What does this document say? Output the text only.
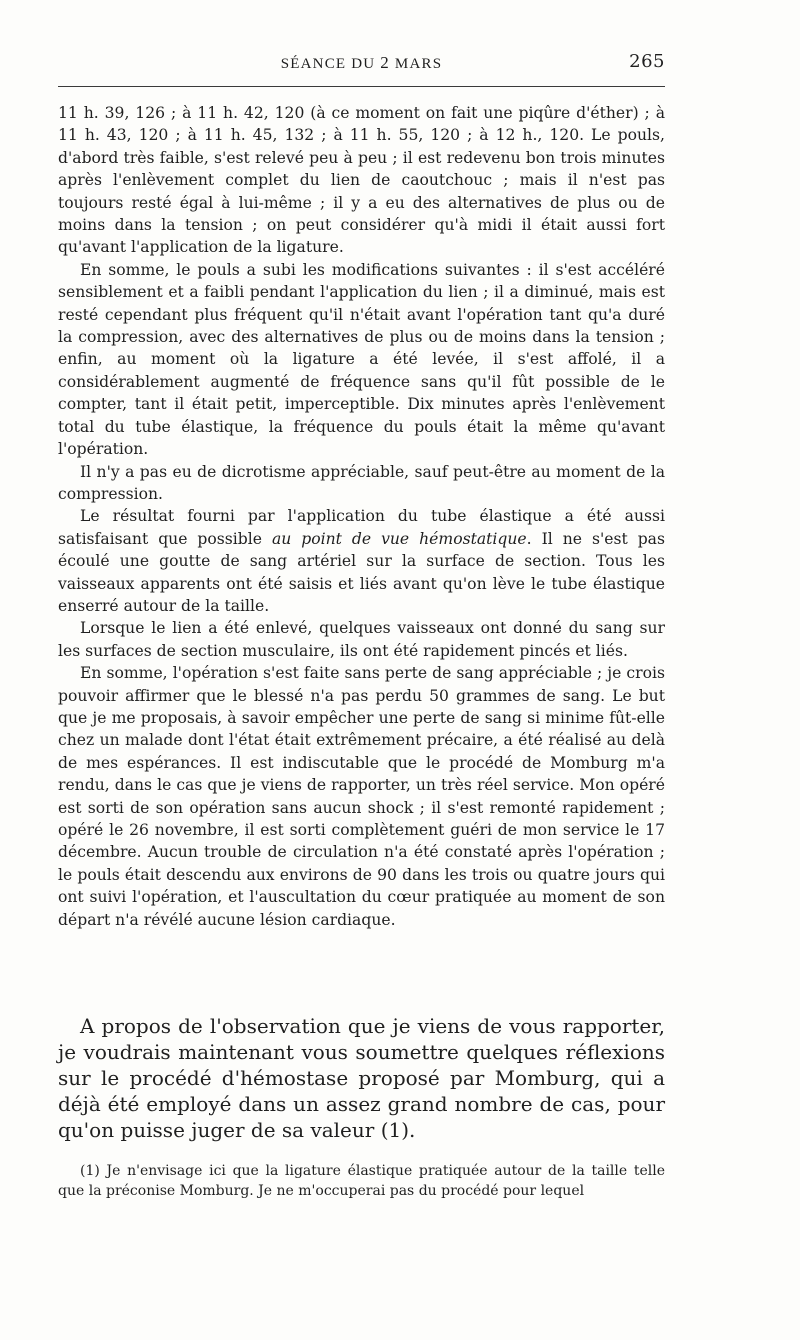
SÉANCE DU 2 MARS	265

11 h. 39, 126 ; à 11 h. 42, 120 (à ce moment on fait une piqûre d'éther) ; à 11 h. 43, 120 ; à 11 h. 45, 132 ; à 11 h. 55, 120 ; à 12 h., 120. Le pouls, d'abord très faible, s'est relevé peu à peu ; il est redevenu bon trois minutes après l'enlèvement complet du lien de caoutchouc ; mais il n'est pas toujours resté égal à lui-même ; il y a eu des alternatives de plus ou de moins dans la tension ; on peut considérer qu'à midi il était aussi fort qu'avant l'application de la ligature.

En somme, le pouls a subi les modifications suivantes : il s'est accéléré sensiblement et a faibli pendant l'application du lien ; il a diminué, mais est resté cependant plus fréquent qu'il n'était avant l'opération tant qu'a duré la compression, avec des alternatives de plus ou de moins dans la tension ; enfin, au moment où la ligature a été levée, il s'est affolé, il a considérablement augmenté de fréquence sans qu'il fût possible de le compter, tant il était petit, imperceptible. Dix minutes après l'enlèvement total du tube élastique, la fréquence du pouls était la même qu'avant l'opération.

Il n'y a pas eu de dicrotisme appréciable, sauf peut-être au moment de la compression.

Le résultat fourni par l'application du tube élastique a été aussi satisfaisant que possible au point de vue hémostatique. Il ne s'est pas écoulé une goutte de sang artériel sur la surface de section. Tous les vaisseaux apparents ont été saisis et liés avant qu'on lève le tube élastique enserré autour de la taille.

Lorsque le lien a été enlevé, quelques vaisseaux ont donné du sang sur les surfaces de section musculaire, ils ont été rapidement pincés et liés.

En somme, l'opération s'est faite sans perte de sang appréciable ; je crois pouvoir affirmer que le blessé n'a pas perdu 50 grammes de sang. Le but que je me proposais, à savoir empêcher une perte de sang si minime fût-elle chez un malade dont l'état était extrêmement précaire, a été réalisé au delà de mes espérances. Il est indiscutable que le procédé de Momburg m'a rendu, dans le cas que je viens de rapporter, un très réel service. Mon opéré est sorti de son opération sans aucun shock ; il s'est remonté rapidement ; opéré le 26 novembre, il est sorti complètement guéri de mon service le 17 décembre. Aucun trouble de circulation n'a été constaté après l'opération ; le pouls était descendu aux environs de 90 dans les trois ou quatre jours qui ont suivi l'opération, et l'auscultation du cœur pratiquée au moment de son départ n'a révélé aucune lésion cardiaque.

A propos de l'observation que je viens de vous rapporter, je voudrais maintenant vous soumettre quelques réflexions sur le procédé d'hémostase proposé par Momburg, qui a déjà été employé dans un assez grand nombre de cas, pour qu'on puisse juger de sa valeur (1).

(1) Je n'envisage ici que la ligature élastique pratiquée autour de la taille telle que la préconise Momburg. Je ne m'occuperai pas du procédé pour lequel
